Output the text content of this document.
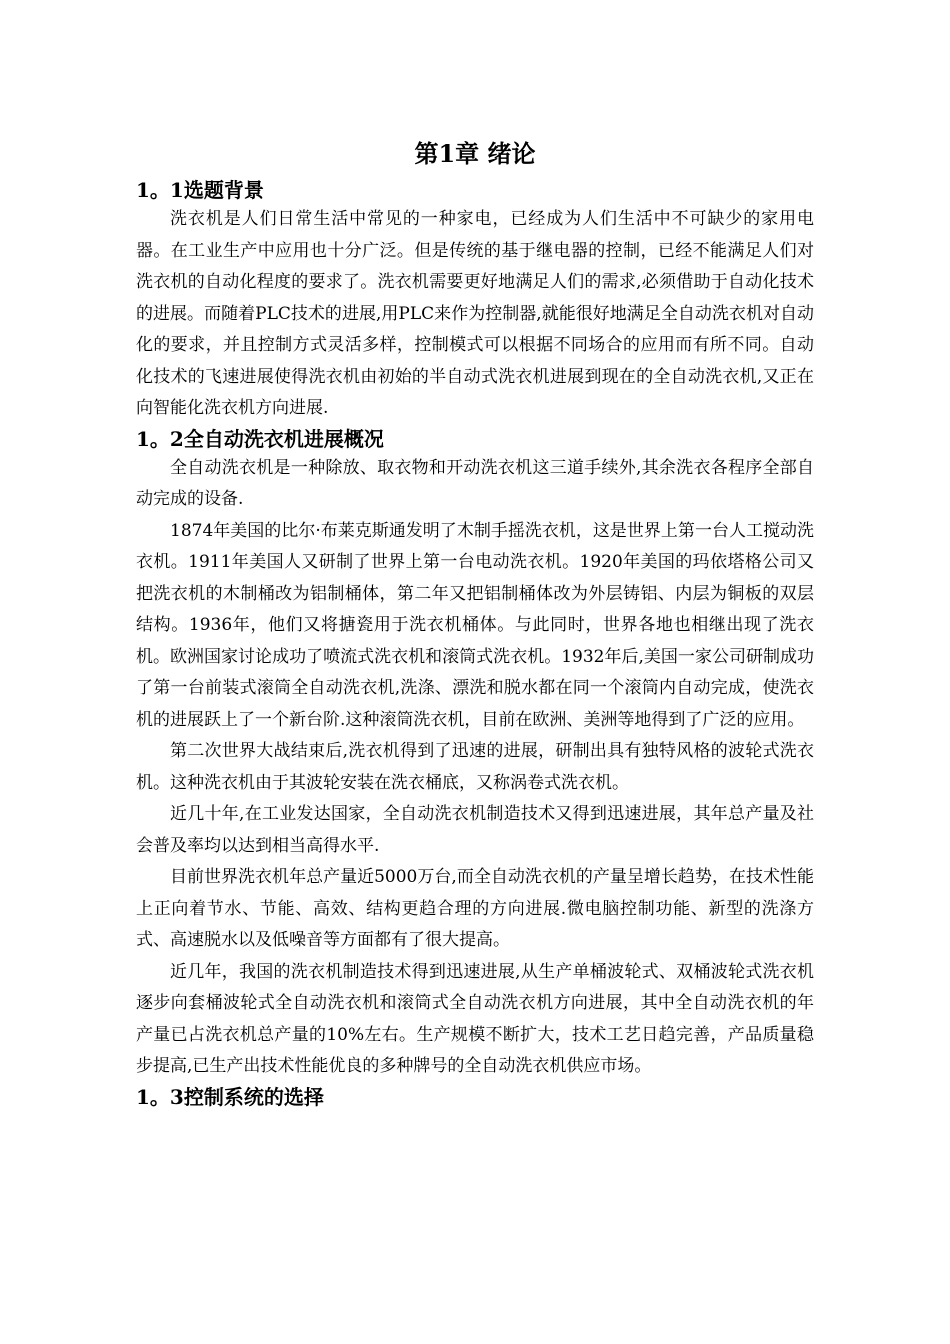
第1章 绪论
1。1选题背景

洗衣机是人们日常生活中常见的一种家电，已经成为人们生活中不可缺少的家用电器。在工业生产中应用也十分广泛。但是传统的基于继电器的控制，已经不能满足人们对洗衣机的自动化程度的要求了。洗衣机需要更好地满足人们的需求,必须借助于自动化技术的进展。而随着PLC技术的进展,用PLC来作为控制器,就能很好地满足全自动洗衣机对自动化的要求，并且控制方式灵活多样，控制模式可以根据不同场合的应用而有所不同。自动化技术的飞速进展使得洗衣机由初始的半自动式洗衣机进展到现在的全自动洗衣机,又正在向智能化洗衣机方向进展.

1。2全自动洗衣机进展概况

全自动洗衣机是一种除放、取衣物和开动洗衣机这三道手续外,其余洗衣各程序全部自动完成的设备.

1874年美国的比尔·布莱克斯通发明了木制手摇洗衣机，这是世界上第一台人工搅动洗衣机。1911年美国人又研制了世界上第一台电动洗衣机。1920年美国的玛依塔格公司又把洗衣机的木制桶改为铝制桶体，第二年又把铝制桶体改为外层铸铝、内层为铜板的双层结构。1936年，他们又将搪瓷用于洗衣机桶体。与此同时，世界各地也相继出现了洗衣机。欧洲国家讨论成功了喷流式洗衣机和滚筒式洗衣机。1932年后,美国一家公司研制成功了第一台前装式滚筒全自动洗衣机,洗涤、漂洗和脱水都在同一个滚筒内自动完成，使洗衣机的进展跃上了一个新台阶.这种滚筒洗衣机，目前在欧洲、美洲等地得到了广泛的应用。

第二次世界大战结束后,洗衣机得到了迅速的进展，研制出具有独特风格的波轮式洗衣机。这种洗衣机由于其波轮安装在洗衣桶底，又称涡卷式洗衣机。

近几十年,在工业发达国家，全自动洗衣机制造技术又得到迅速进展，其年总产量及社会普及率均以达到相当高得水平.

目前世界洗衣机年总产量近5000万台,而全自动洗衣机的产量呈增长趋势，在技术性能上正向着节水、节能、高效、结构更趋合理的方向进展.微电脑控制功能、新型的洗涤方式、高速脱水以及低噪音等方面都有了很大提高。

近几年，我国的洗衣机制造技术得到迅速进展,从生产单桶波轮式、双桶波轮式洗衣机逐步向套桶波轮式全自动洗衣机和滚筒式全自动洗衣机方向进展，其中全自动洗衣机的年产量已占洗衣机总产量的10%左右。生产规模不断扩大，技术工艺日趋完善，产品质量稳步提高,已生产出技术性能优良的多种牌号的全自动洗衣机供应市场。

1。3控制系统的选择
